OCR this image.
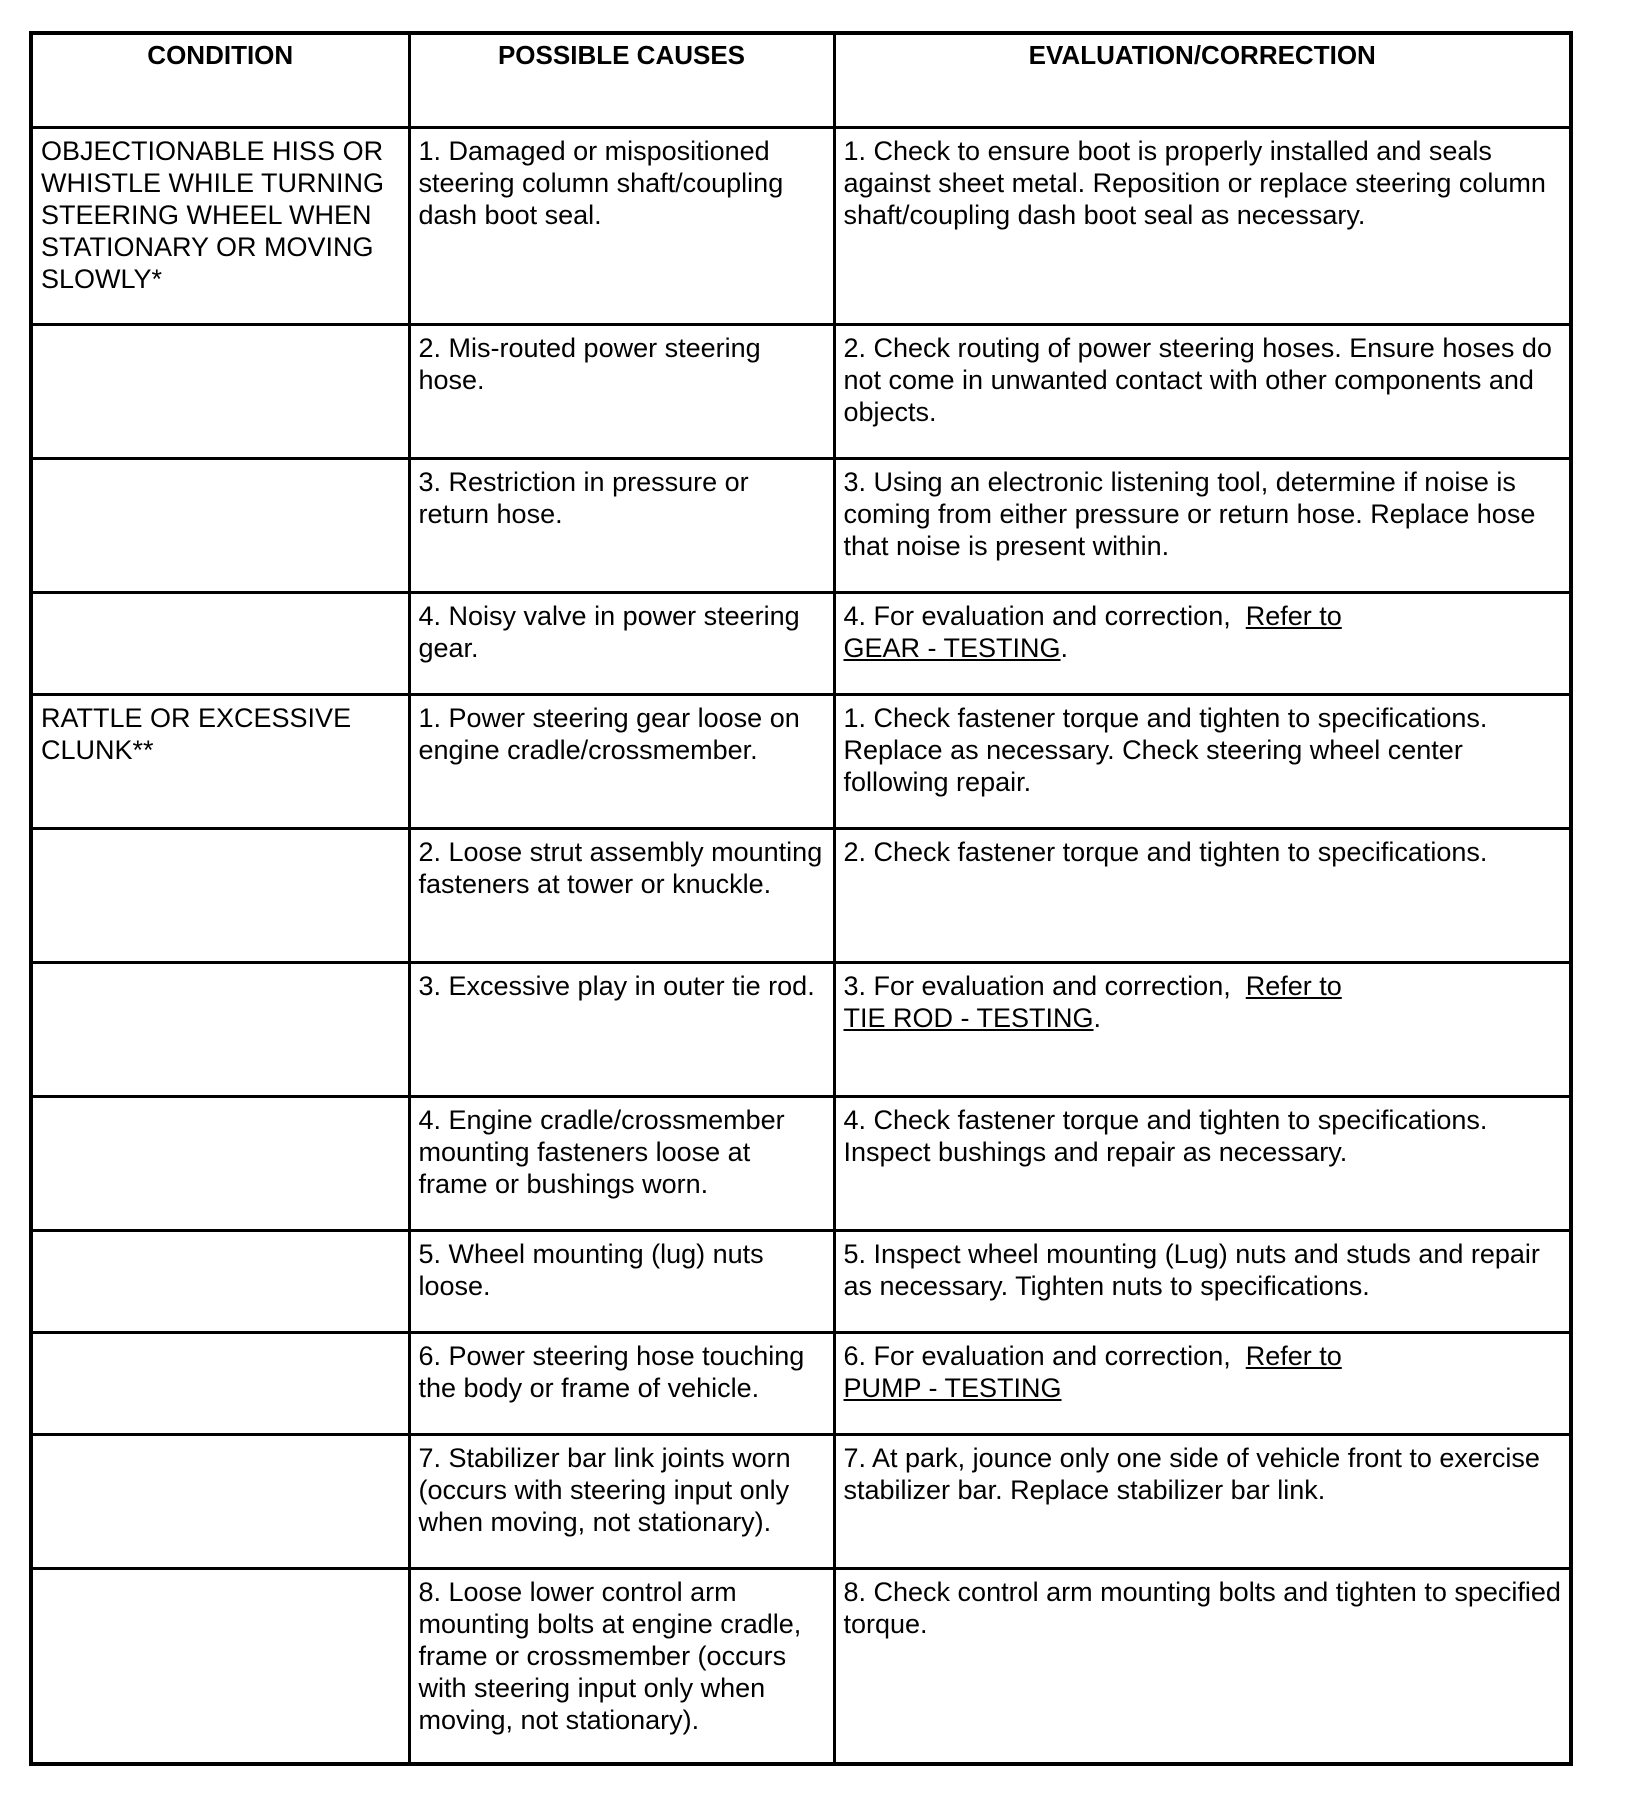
CONDITION	POSSIBLE CAUSES	EVALUATION/CORRECTION
OBJECTIONABLE HISS OR WHISTLE WHILE TURNING STEERING WHEEL WHEN STATIONARY OR MOVING SLOWLY*	1. Damaged or mispositioned steering column shaft/coupling dash boot seal.	1. Check to ensure boot is properly installed and seals against sheet metal. Reposition or replace steering column shaft/coupling dash boot seal as necessary.
	2. Mis-routed power steering hose.	2. Check routing of power steering hoses. Ensure hoses do not come in unwanted contact with other components and objects.
	3. Restriction in pressure or return hose.	3. Using an electronic listening tool, determine if noise is coming from either pressure or return hose. Replace hose that noise is present within.
	4. Noisy valve in power steering gear.	4. For evaluation and correction, Refer to
GEAR - TESTING.
RATTLE OR EXCESSIVE CLUNK**	1. Power steering gear loose on engine cradle/crossmember.	1. Check fastener torque and tighten to specifications. Replace as necessary. Check steering wheel center following repair.
	2. Loose strut assembly mounting fasteners at tower or knuckle.	2. Check fastener torque and tighten to specifications.
	3. Excessive play in outer tie rod.	3. For evaluation and correction, Refer to
TIE ROD - TESTING.
	4. Engine cradle/crossmember mounting fasteners loose at frame or bushings worn.	4. Check fastener torque and tighten to specifications. Inspect bushings and repair as necessary.
	5. Wheel mounting (lug) nuts loose.	5. Inspect wheel mounting (Lug) nuts and studs and repair as necessary. Tighten nuts to specifications.
	6. Power steering hose touching the body or frame of vehicle.	6. For evaluation and correction, Refer to
PUMP - TESTING
	7. Stabilizer bar link joints worn (occurs with steering input only when moving, not stationary).	7. At park, jounce only one side of vehicle front to exercise stabilizer bar. Replace stabilizer bar link.
	8. Loose lower control arm mounting bolts at engine cradle, frame or crossmember (occurs with steering input only when moving, not stationary).	8. Check control arm mounting bolts and tighten to specified torque.
